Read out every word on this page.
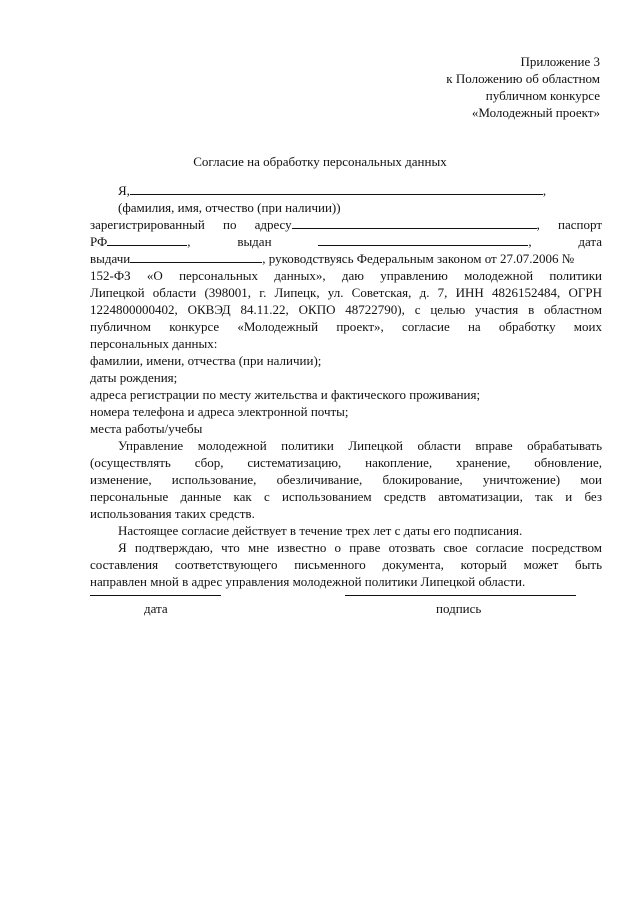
Приложение 3
к Положению об областном
публичном конкурсе
«Молодежный проект»
Согласие на обработку персональных данных
Я,	,
(фамилия, имя, отчество (при наличии))
зарегистрированный по адресу	, паспорт
РФ	,	выдан	,	дата
выдачи	, руководствуясь Федеральным законом от 27.07.2006 №
152-ФЗ «О персональных данных», даю управлению молодежной политики
Липецкой области (398001, г. Липецк, ул. Советская, д. 7, ИНН 4826152484, ОГРН
1224800000402, ОКВЭД 84.11.22, ОКПО 48722790), с целью участия в областном
публичном конкурсе «Молодежный проект», согласие на обработку моих
персональных данных:
фамилии, имени, отчества (при наличии);
даты рождения;
адреса регистрации по месту жительства и фактического проживания;
номера телефона и адреса электронной почты;
места работы/учебы
Управление молодежной политики Липецкой области вправе обрабатывать
(осуществлять сбор, систематизацию, накопление, хранение, обновление,
изменение, использование, обезличивание, блокирование, уничтожение) мои
персональные данные как с использованием средств автоматизации, так и без
использования таких средств.
Настоящее согласие действует в течение трех лет с даты его подписания.
Я подтверждаю, что мне известно о праве отозвать свое согласие посредством
составления соответствующего письменного документа, который может быть
направлен мной в адрес управления молодежной политики Липецкой области.
дата	подпись
